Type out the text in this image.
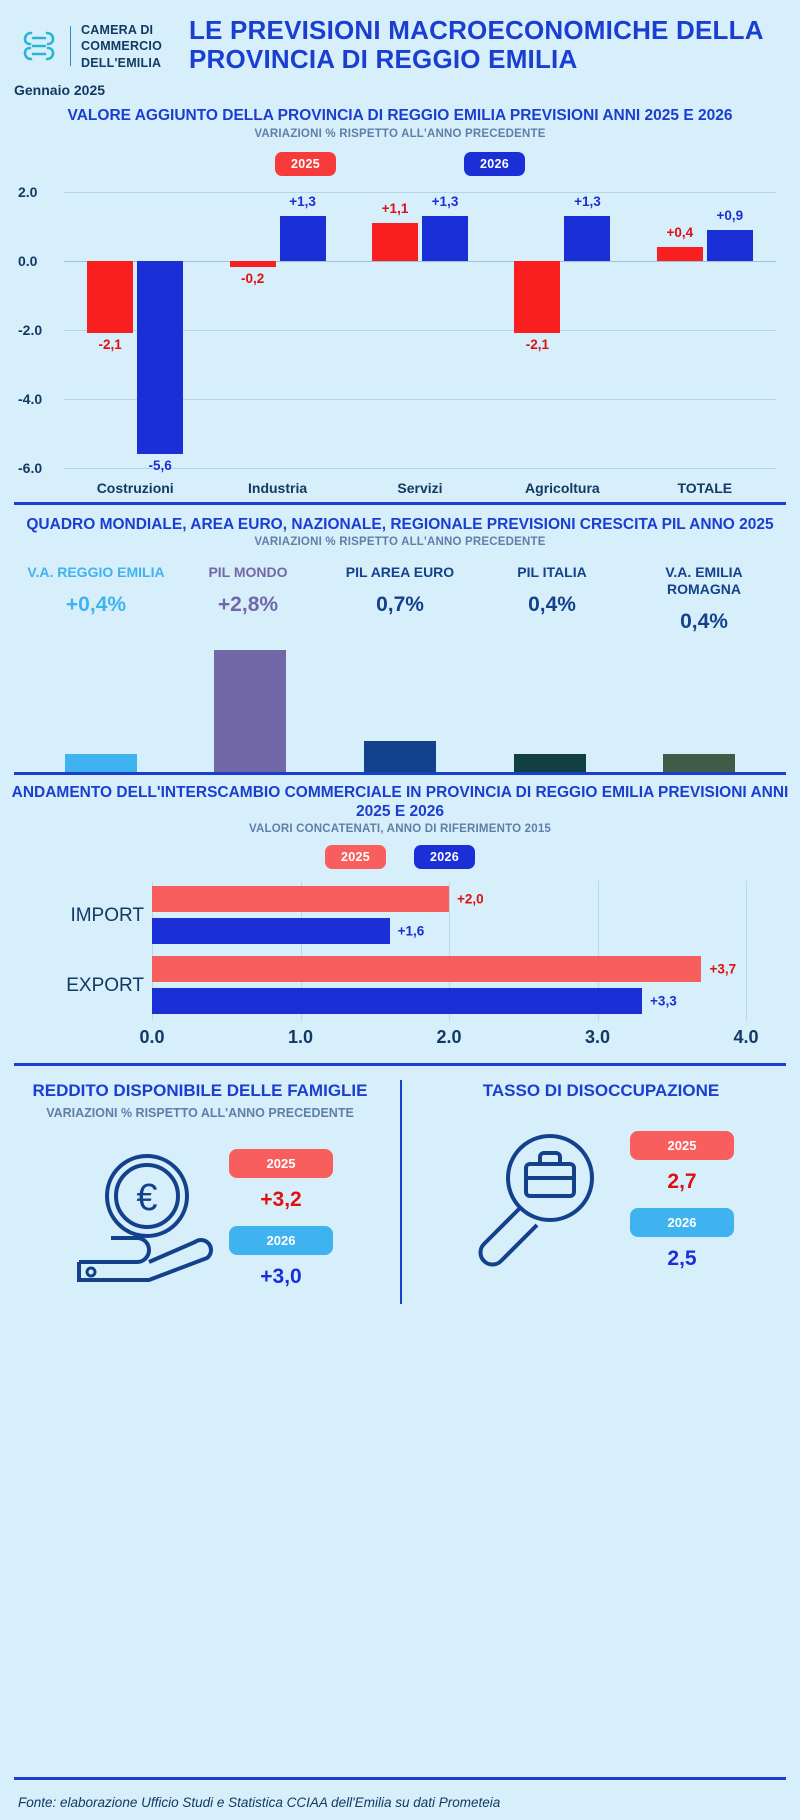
CAMERA DI COMMERCIO
DELL'EMILIA
LE PREVISIONI MACROECONOMICHE DELLA PROVINCIA DI REGGIO EMILIA
Gennaio 2025
VALORE AGGIUNTO DELLA PROVINCIA DI REGGIO EMILIA PREVISIONI ANNI 2025 E 2026
VARIAZIONI % RISPETTO ALL'ANNO PRECEDENTE
2025	2026
-2,1
-5,6
-0,2
+1,3	+1,1	+1,3
-2,1
+1,3
+0,4
+0,9
2.0
0.0
-2.0
-4.0
-6.0
Costruzioni	Industria	Servizi	Agricoltura	TOTALE
QUADRO MONDIALE, AREA EURO, NAZIONALE, REGIONALE PREVISIONI CRESCITA PIL ANNO 2025
VARIAZIONI % RISPETTO ALL'ANNO PRECEDENTE
V.A. REGGIO EMILIA
+0,4%
PIL MONDO
+2,8%
PIL AREA EURO
0,7%
PIL ITALIA
0,4%
V.A. EMILIA ROMAGNA
0,4%
ANDAMENTO DELL'INTERSCAMBIO COMMERCIALE IN PROVINCIA DI REGGIO EMILIA PREVISIONI ANNI 2025 E 2026
VALORI CONCATENATI, ANNO DI RIFERIMENTO 2015
2025	2026
+2,0
+1,6
+3,7
+3,3
0.0	1.0	2.0	3.0	4.0
IMPORT
EXPORT
REDDITO DISPONIBILE DELLE FAMIGLIE
VARIAZIONI % RISPETTO ALL'ANNO PRECEDENTE
€
2025
+3,2
2026
+3,0
TASSO DI DISOCCUPAZIONE
2025
2,7
2026
2,5
Fonte: elaborazione Ufficio Studi e Statistica CCIAA dell'Emilia su dati Prometeia
